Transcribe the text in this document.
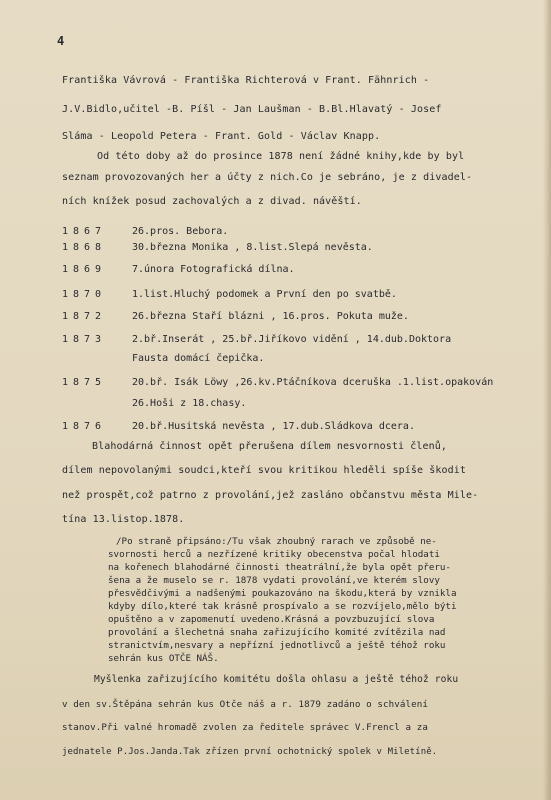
4
Františka Vávrová - Františka Richterová v Frant. Fähnrich -
J.V.Bidlo,učitel -B. Píšl - Jan Laušman - B.Bl.Hlavatý - Josef
Sláma - Leopold Petera - Frant. Gold - Václav Knapp.
Od této doby až do prosince 1878 není žádné knihy,kde by byl
seznam provozovaných her a účty z nich.Co je sebráno, je z divadel-
ních knížek posud zachovalých a z divad. návěští.
1867	26.pros. Bebora.
1868	30.března Monika , 8.list.Slepá nevěsta.
1869	7.února Fotografická dílna.
1870	1.list.Hluchý podomek a První den po svatbě.
1872	26.března Staří blázni , 16.pros. Pokuta muže.
1873	2.bř.Inserát , 25.bř.Jiříkovo vidění , 14.dub.Doktora
Fausta domácí čepička.
1875	20.bř. Isák Löwy ,26.kv.Ptáčníkova dceruška .1.list.opakován
26.Hoši z 18.chasy.
1876	20.bř.Husitská nevěsta , 17.dub.Sládkova dcera.
Blahodárná činnost opět přerušena dílem nesvornosti členů,
dílem nepovolanými soudci,kteří svou kritikou hleděli spíše škodit
než prospět,což patrno z provolání,jež zasláno občanstvu města Mile-
tína 13.listop.1878.
/Po straně připsáno:/Tu však zhoubný rarach ve způsobě ne-
svornosti herců a nezřízené kritiky obecenstva počal hlodati
na kořenech blahodárné činnosti theatrální,že byla opět přeru-
šena a že muselo se r. 1878 vydati provolání,ve kterém slovy
přesvědčivými a nadšenými poukazováno na škodu,která by vznikla
kdyby dílo,které tak krásně prospívalo a se rozvíjelo,mělo býti
opuštěno a v zapomenutí uvedeno.Krásná a povzbuzující slova
provolání a šlechetná snaha zařizujícího komité zvítězila nad
stranictvím,nesvary a nepřízní jednotlivců a ještě téhož roku
sehrán kus OTČE NÁŠ.
Myšlenka zařizujícího komitétu došla ohlasu a ještě téhož roku
v den sv.Štěpána sehrán kus Otče náš a r. 1879 zadáno o schválení
stanov.Při valné hromadě zvolen za ředitele správec V.Frencl a za
jednatele P.Jos.Janda.Tak zřízen první ochotnický spolek v Miletíně.
